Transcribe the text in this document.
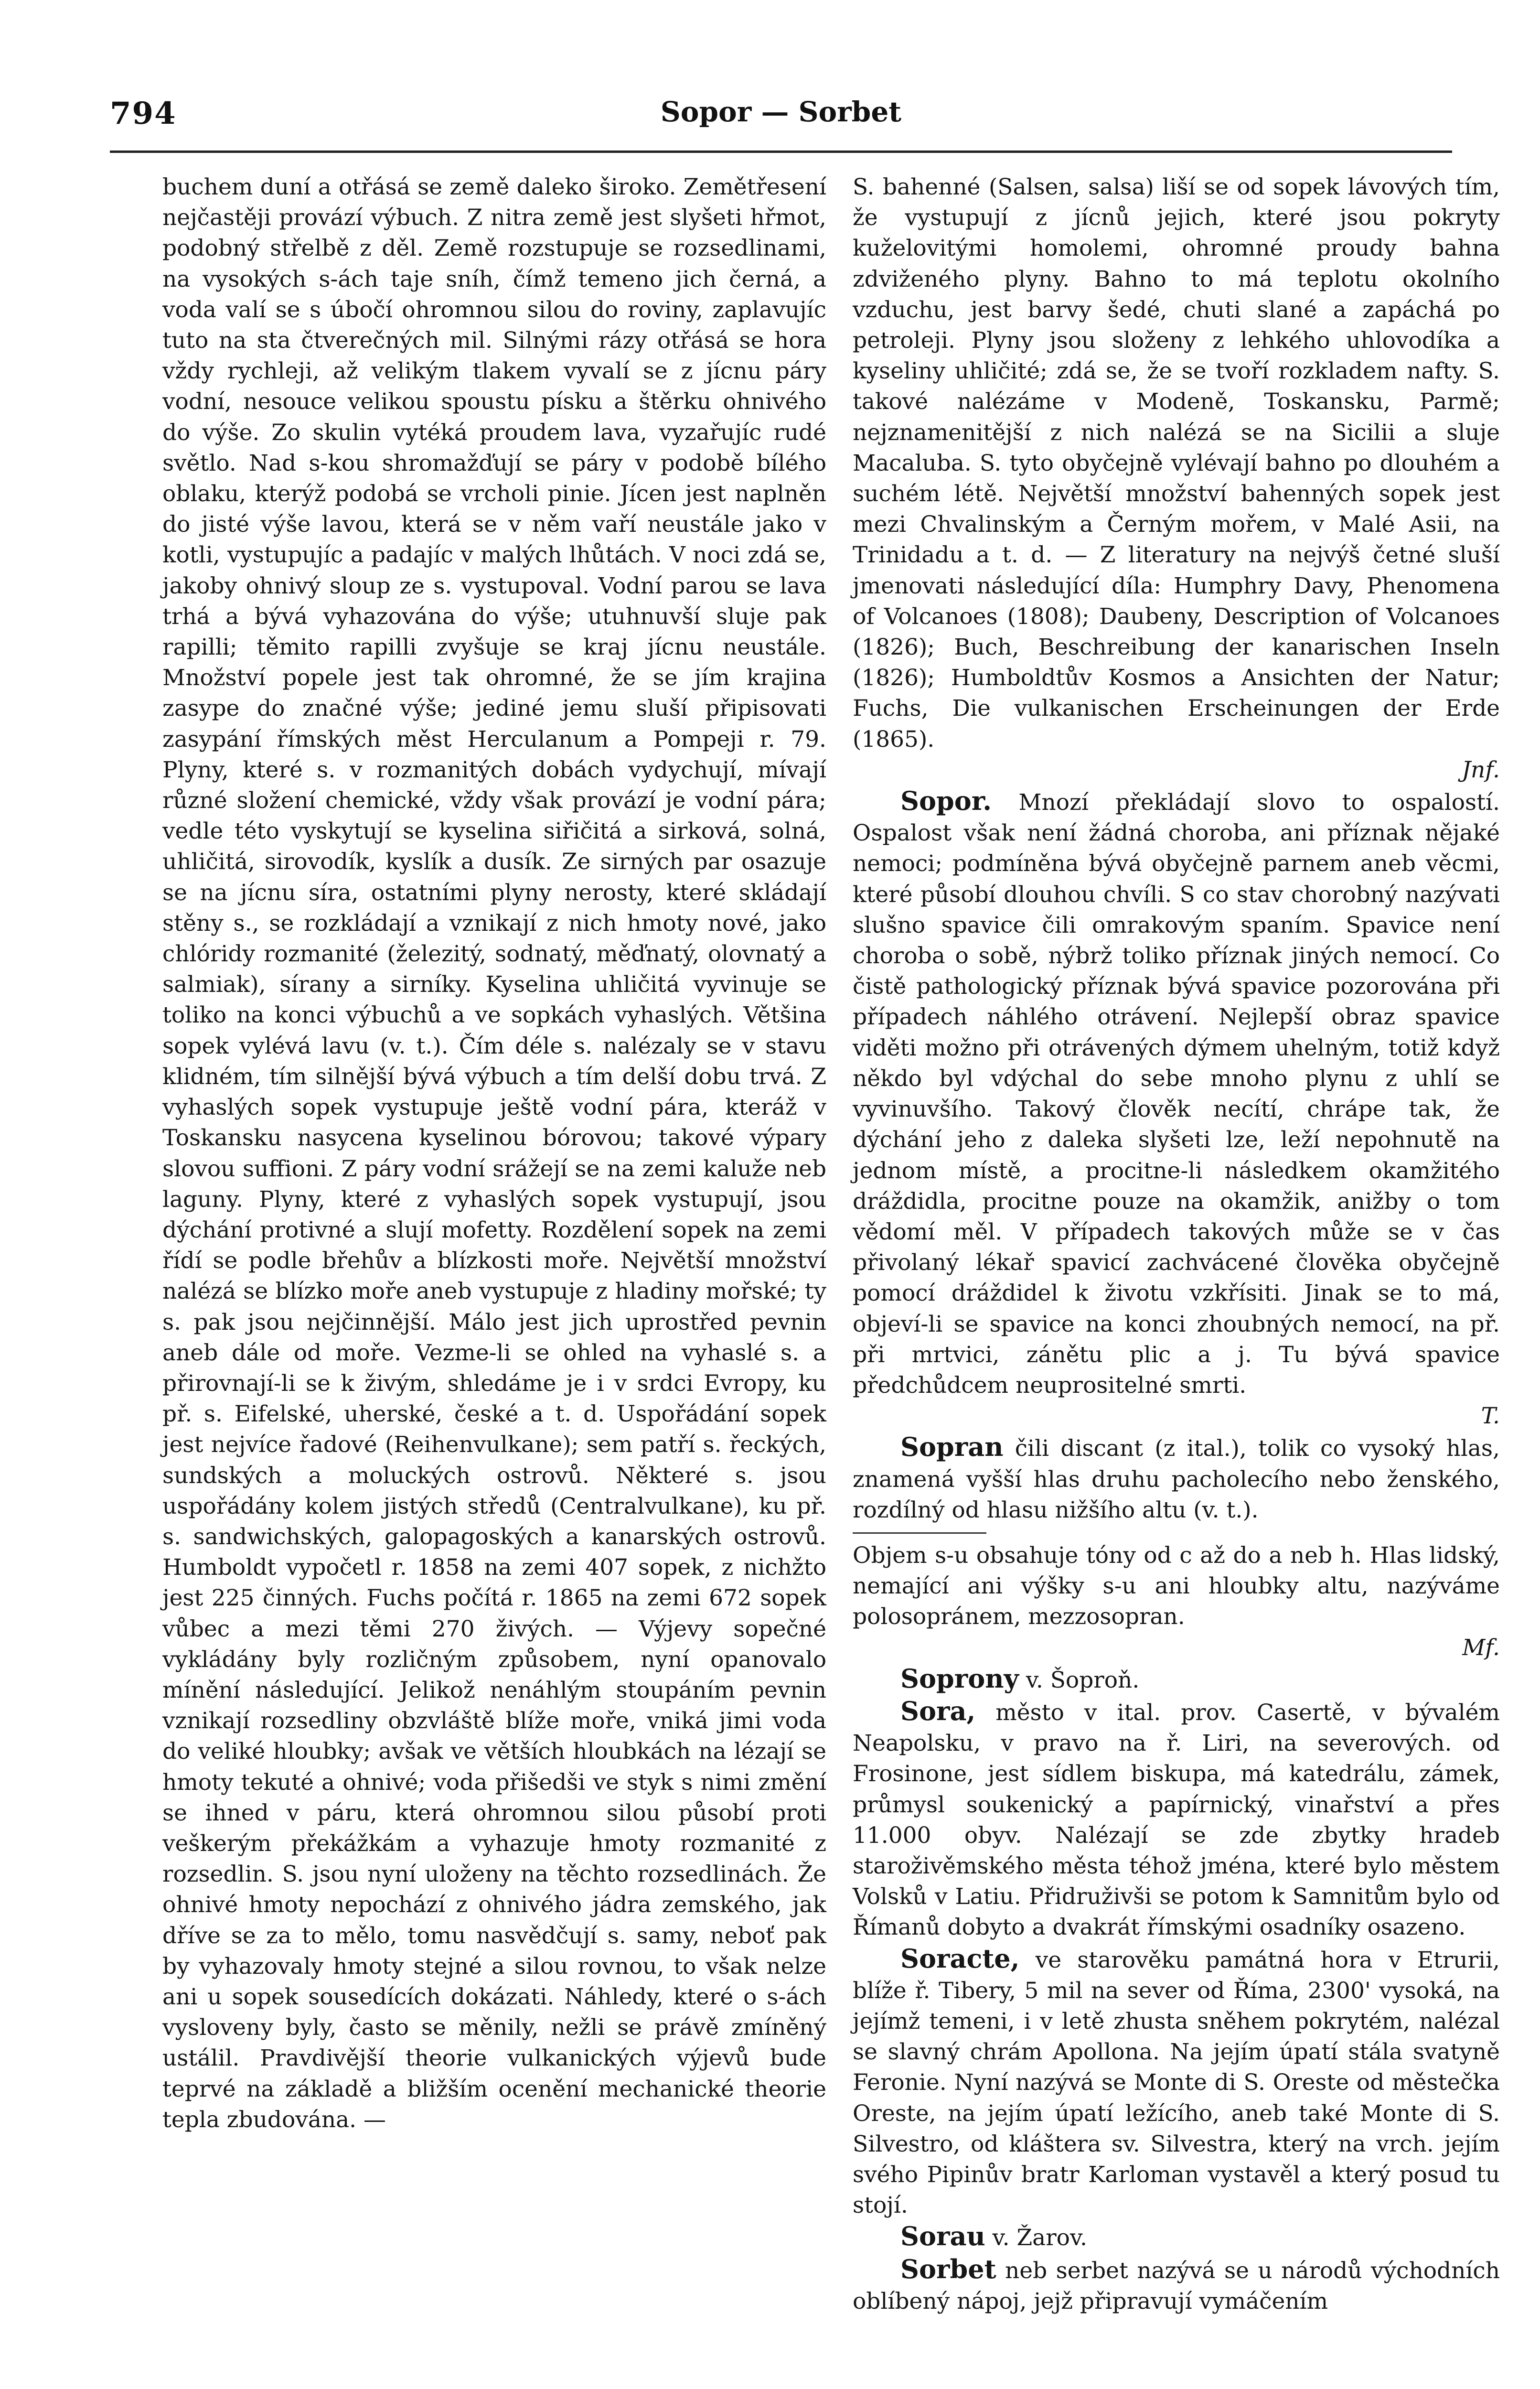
794	Sopor — Sorbet

buchem duní a otřásá se země daleko široko. Zemětřesení nejčastěji provází výbuch. Z nitra země jest slyšeti hřmot, podobný střelbě z děl. Země rozstupuje se rozsedlinami, na vysokých s-ách taje sníh, čímž temeno jich černá, a voda valí se s úbočí ohromnou silou do roviny, zaplavujíc tuto na sta čtverečných mil. Silnými rázy otřásá se hora vždy rychleji, až velikým tlakem vyvalí se z jícnu páry vodní, nesouce velikou spoustu písku a štěrku ohnivého do výše. Zo skulin vytéká proudem lava, vyzařujíc rudé světlo. Nad s-kou shromažďují se páry v podobě bílého oblaku, kterýž podobá se vrcholi pinie. Jícen jest naplněn do jisté výše lavou, která se v něm vaří neustále jako v kotli, vystupujíc a padajíc v malých lhůtách. V noci zdá se, jakoby ohnivý sloup ze s. vystupoval. Vodní parou se lava trhá a bývá vyhazována do výše; utuhnuvší sluje pak rapilli; těmito rapilli zvyšuje se kraj jícnu neustále. Množství popele jest tak ohromné, že se jím krajina zasype do značné výše; jediné jemu sluší připisovati zasypání římských měst Herculanum a Pompeji r. 79. Plyny, které s. v rozmanitých dobách vydychují, mívají různé složení chemické, vždy však provází je vodní pára; vedle této vyskytují se kyselina siřičitá a sirková, solná, uhličitá, sirovodík, kyslík a dusík. Ze sirných par osazuje se na jícnu síra, ostatními plyny nerosty, které skládají stěny s., se rozkládají a vznikají z nich hmoty nové, jako chlóridy rozmanité (železitý, sodnatý, měďnatý, olovnatý a salmiak), sírany a sirníky. Kyselina uhličitá vyvinuje se toliko na konci výbuchů a ve sopkách vyhaslých. Většina sopek vylévá lavu (v. t.). Čím déle s. nalézaly se v stavu klidném, tím silnější bývá výbuch a tím delší dobu trvá. Z vyhaslých sopek vystupuje ještě vodní pára, kteráž v Toskansku nasycena kyselinou bórovou; takové výpary slovou suffioni. Z páry vodní srážejí se na zemi kaluže neb laguny. Plyny, které z vyhaslých sopek vystupují, jsou dýchání protivné a slují mofetty. Rozdělení sopek na zemi řídí se podle břehův a blízkosti moře. Největší množství nalézá se blízko moře aneb vystupuje z hladiny mořské; ty s. pak jsou nejčinnější. Málo jest jich uprostřed pevnin aneb dále od moře. Vezme-li se ohled na vyhaslé s. a přirovnají-li se k živým, shledáme je i v srdci Evropy, ku př. s. Eifelské, uherské, české a t. d. Uspořádání sopek jest nejvíce řadové (Reihenvulkane); sem patří s. řeckých, sundských a moluckých ostrovů. Některé s. jsou uspořádány kolem jistých středů (Centralvulkane), ku př. s. sandwichských, galopagoských a kanarských ostrovů. Humboldt vypočetl r. 1858 na zemi 407 sopek, z nichžto jest 225 činných. Fuchs počítá r. 1865 na zemi 672 sopek vůbec a mezi těmi 270 živých. — Výjevy sopečné vykládány byly rozličným způsobem, nyní opanovalo mínění následující. Jelikož nenáhlým stoupáním pevnin vznikají rozsedliny obzvláště blíže moře, vniká jimi voda do veliké hloubky; avšak ve větších hloubkách na lézají se hmoty tekuté a ohnivé; voda přišedši ve styk s nimi změní se ihned v páru, která ohromnou silou působí proti veškerým překážkám a vyhazuje hmoty rozmanité z rozsedlin. S. jsou nyní uloženy na těchto rozsedlinách. Že ohnivé hmoty nepochází z ohnivého jádra zemského, jak dříve se za to mělo, tomu nasvědčují s. samy, neboť pak by vyhazovaly hmoty stejné a silou rovnou, to však nelze ani u sopek sousedících dokázati. Náhledy, které o s-ách vysloveny byly, často se měnily, nežli se právě zmíněný ustálil. Pravdivější theorie vulkanických výjevů bude teprvé na základě a bližším ocenění mechanické theorie tepla zbudována. —

S. bahenné (Salsen, salsa) liší se od sopek lávových tím, že vystupují z jícnů jejich, které jsou pokryty kuželovitými homolemi, ohromné proudy bahna zdviženého plyny. Bahno to má teplotu okolního vzduchu, jest barvy šedé, chuti slané a zapáchá po petroleji. Plyny jsou složeny z lehkého uhlovodíka a kyseliny uhličité; zdá se, že se tvoří rozkladem nafty. S. takové nalézáme v Modeně, Toskansku, Parmě; nejznamenitější z nich nalézá se na Sicilii a sluje Macaluba. S. tyto obyčejně vylévají bahno po dlouhém a suchém létě. Největší množství bahenných sopek jest mezi Chvalinským a Černým mořem, v Malé Asii, na Trinidadu a t. d. — Z literatury na nejvýš četné sluší jmenovati následující díla: Humphry Davy, Phenomena of Volcanoes (1808); Daubeny, Description of Volcanoes (1826); Buch, Beschreibung der kanarischen Inseln (1826); Humboldtův Kosmos a Ansichten der Natur; Fuchs, Die vulkanischen Erscheinungen der Erde (1865).

Jnf.

Sopor. Mnozí překládají slovo to ospalostí. Ospalost však není žádná choroba, ani příznak nějaké nemoci; podmíněna bývá obyčejně parnem aneb věcmi, které působí dlouhou chvíli. S co stav chorobný nazývati slušno spavice čili omrakovým spaním. Spavice není choroba o sobě, nýbrž toliko příznak jiných nemocí. Co čistě pathologický příznak bývá spavice pozorována při případech náhlého otrávení. Nejlepší obraz spavice viděti možno při otrávených dýmem uhelným, totiž když někdo byl vdýchal do sebe mnoho plynu z uhlí se vyvinuvšího. Takový člověk necítí, chrápe tak, že dýchání jeho z daleka slyšeti lze, leží nepohnutě na jednom místě, a procitne-li následkem okamžitého dráždidla, procitne pouze na okamžik, anižby o tom vědomí měl. V případech takových může se v čas přivolaný lékař spavicí zachvácené člověka obyčejně pomocí dráždidel k životu vzkřísiti. Jinak se to má, objeví-li se spavice na konci zhoubných nemocí, na př. při mrtvici, zánětu plic a j. Tu bývá spavice předchůdcem neuprositelné smrti.

T.

Sopran čili discant (z ital.), tolik co vysoký hlas, znamená vyšší hlas druhu pacholecího nebo ženského, rozdílný od hlasu nižšího altu (v. t.).

Objem s-u obsahuje tóny od c až do a neb h. Hlas lidský, nemající ani výšky s-u ani hloubky altu, nazýváme polosopránem, mezzosopran.

Mf.

Soprony v. Šoproň.

Sora, město v ital. prov. Casertě, v bývalém Neapolsku, v pravo na ř. Liri, na severových. od Frosinone, jest sídlem biskupa, má katedrálu, zámek, průmysl soukenický a papírnický, vinařství a přes 11.000 obyv. Nalézají se zde zbytky hradeb staroživěmského města téhož jména, které bylo městem Volsků v Latiu. Přidruživši se potom k Samnitům bylo od Římanů dobyto a dvakrát římskými osadníky osazeno.

Soracte, ve starověku památná hora v Etrurii, blíže ř. Tibery, 5 mil na sever od Říma, 2300' vysoká, na jejímž temeni, i v letě zhusta sněhem pokrytém, nalézal se slavný chrám Apollona. Na jejím úpatí stála svatyně Feronie. Nyní nazývá se Monte di S. Oreste od městečka Oreste, na jejím úpatí ležícího, aneb také Monte di S. Silvestro, od kláštera sv. Silvestra, který na vrch. jejím svého Pipinův bratr Karloman vystavěl a který posud tu stojí.

Sorau v. Žarov.

Sorbet neb serbet nazývá se u národů východních oblíbený nápoj, jejž připravují vymáčením
